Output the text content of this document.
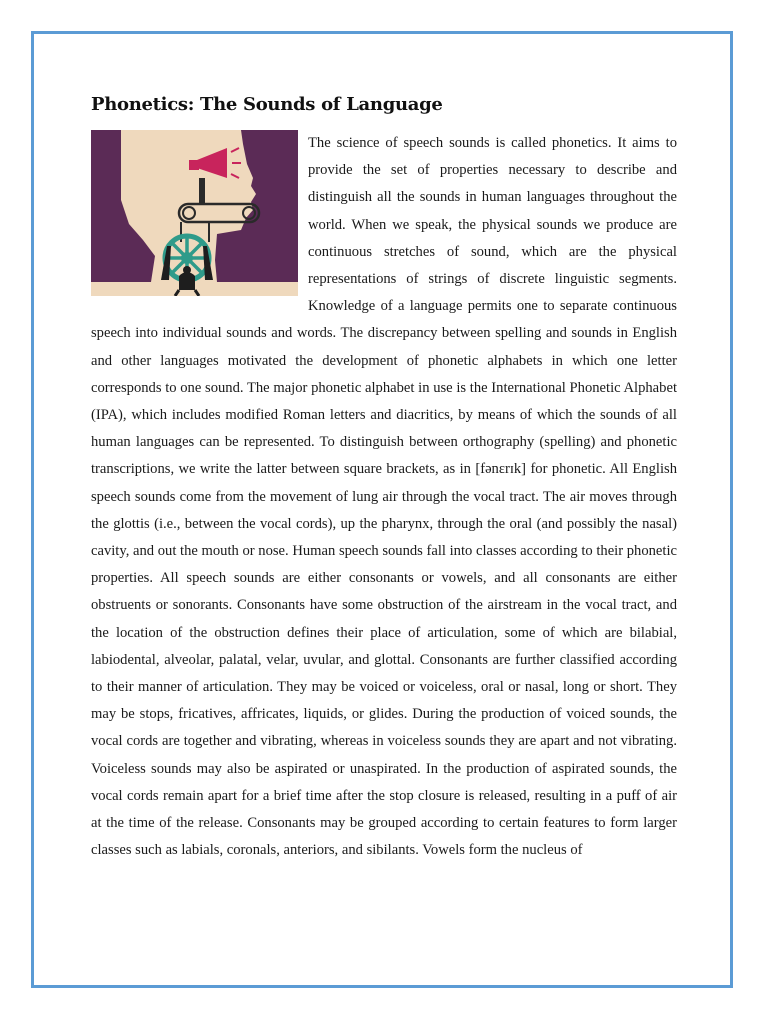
Phonetics: The Sounds of Language

The science of speech sounds is called phonetics. It aims to provide the set of properties necessary to describe and distinguish all the sounds in human languages throughout the world. When we speak, the physical sounds we produce are continuous stretches of sound, which are the physical representations of strings of discrete linguistic segments. Knowledge of a language permits one to separate continuous speech into individual sounds and words. The discrepancy between spelling and sounds in English and other languages motivated the development of phonetic alphabets in which one letter corresponds to one sound. The major phonetic alphabet in use is the International Phonetic Alphabet (IPA), which includes modified Roman letters and diacritics, by means of which the sounds of all human languages can be represented. To distinguish between orthography (spelling) and phonetic transcriptions, we write the latter between square brackets, as in [fənɛrɪk] for phonetic. All English speech sounds come from the movement of lung air through the vocal tract. The air moves through the glottis (i.e., between the vocal cords), up the pharynx, through the oral (and possibly the nasal) cavity, and out the mouth or nose. Human speech sounds fall into classes according to their phonetic properties. All speech sounds are either consonants or vowels, and all consonants are either obstruents or sonorants. Consonants have some obstruction of the airstream in the vocal tract, and the location of the obstruction defines their place of articulation, some of which are bilabial, labiodental, alveolar, palatal, velar, uvular, and glottal. Consonants are further classified according to their manner of articulation. They may be voiced or voiceless, oral or nasal, long or short. They may be stops, fricatives, affricates, liquids, or glides. During the production of voiced sounds, the vocal cords are together and vibrating, whereas in voiceless sounds they are apart and not vibrating. Voiceless sounds may also be aspirated or unaspirated. In the production of aspirated sounds, the vocal cords remain apart for a brief time after the stop closure is released, resulting in a puff of air at the time of the release. Consonants may be grouped according to certain features to form larger classes such as labials, coronals, anteriors, and sibilants. Vowels form the nucleus of
